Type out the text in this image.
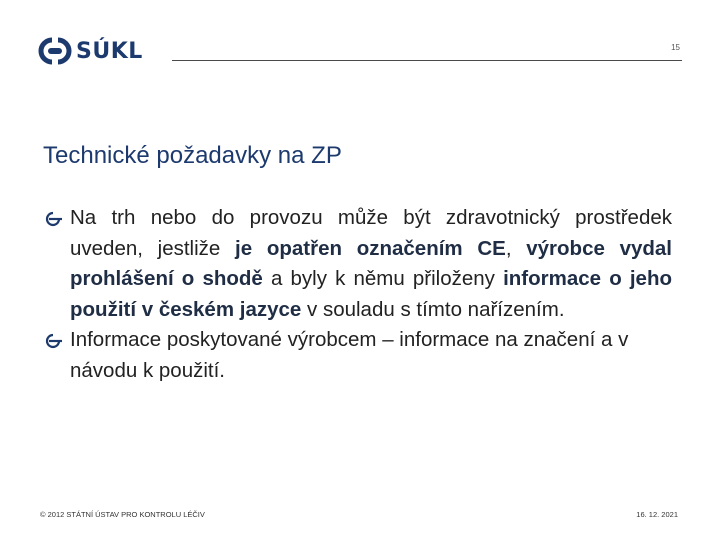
SÚKL	15
Technické požadavky na ZP
Na trh nebo do provozu může být zdravotnický prostředek uveden, jestliže je opatřen označením CE, výrobce vydal prohlášení o shodě a byly k němu přiloženy informace o jeho použití v českém jazyce v souladu s tímto nařízením.
Informace poskytované výrobcem – informace na značení a v návodu k použití.
© 2012 STÁTNÍ ÚSTAV PRO KONTROLU LÉČIV	16. 12. 2021
